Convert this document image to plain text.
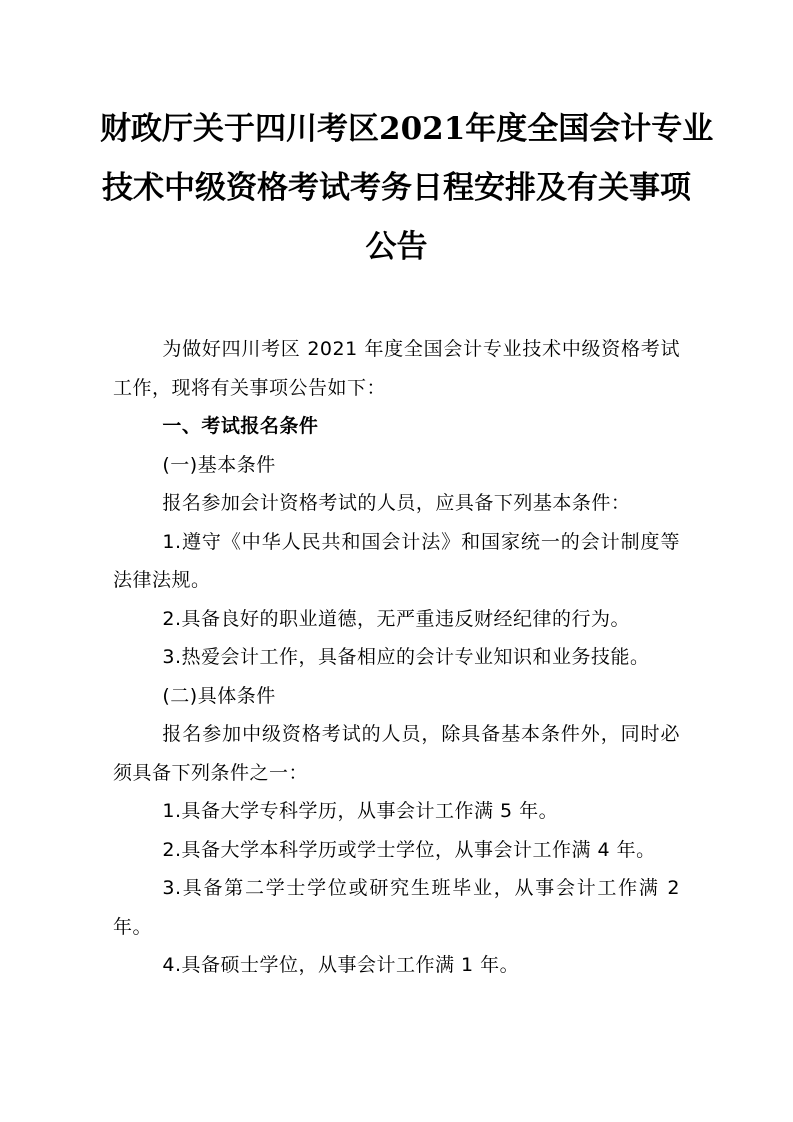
财政厅关于四川考区2021年度全国会计专业
技术中级资格考试考务日程安排及有关事项
公告

为做好四川考区 2021 年度全国会计专业技术中级资格考试工作，现将有关事项公告如下：

一、考试报名条件

(一)基本条件

报名参加会计资格考试的人员，应具备下列基本条件：

1.遵守《中华人民共和国会计法》和国家统一的会计制度等法律法规。

2.具备良好的职业道德，无严重违反财经纪律的行为。

3.热爱会计工作，具备相应的会计专业知识和业务技能。

(二)具体条件

报名参加中级资格考试的人员，除具备基本条件外，同时必须具备下列条件之一：

1.具备大学专科学历，从事会计工作满 5 年。

2.具备大学本科学历或学士学位，从事会计工作满 4 年。

3.具备第二学士学位或研究生班毕业，从事会计工作满 2 年。

4.具备硕士学位，从事会计工作满 1 年。
